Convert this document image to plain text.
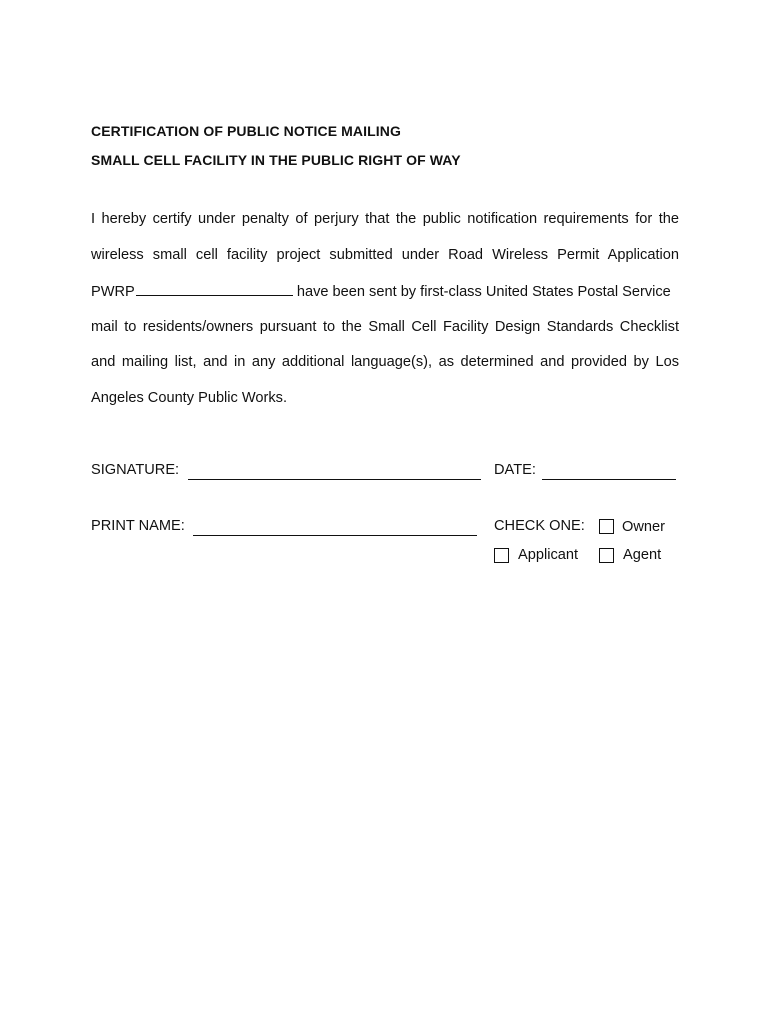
CERTIFICATION OF PUBLIC NOTICE MAILING
SMALL CELL FACILITY IN THE PUBLIC RIGHT OF WAY
I hereby certify under penalty of perjury that the public notification requirements for the
wireless small cell facility project submitted under Road Wireless Permit Application
PWRP	have been sent by first-class United States Postal Service
mail to residents/owners pursuant to the Small Cell Facility Design Standards Checklist
and mailing list, and in any additional language(s), as determined and provided by Los
Angeles County Public Works.
SIGNATURE:	DATE:
PRINT NAME:	CHECK ONE:	Owner
Applicant	Agent
